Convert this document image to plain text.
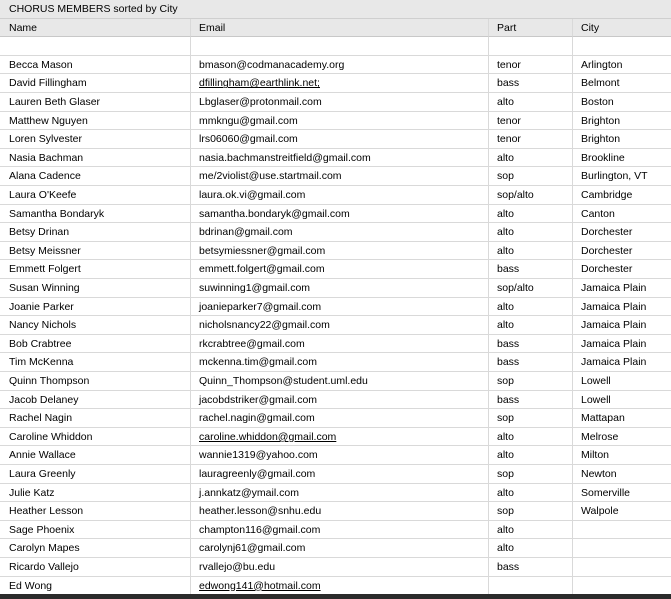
CHORUS MEMBERS sorted by City
Name	Email	Part	City
Becca Mason	bmason@codmanacademy.org	tenor	Arlington
David Fillingham	dfillingham@earthlink.net;	bass	Belmont
Lauren Beth Glaser	Lbglaser@protonmail.com	alto	Boston
Matthew Nguyen	mmkngu@gmail.com	tenor	Brighton
Loren Sylvester	lrs06060@gmail.com	tenor	Brighton
Nasia Bachman	nasia.bachmanstreitfield@gmail.com	alto	Brookline
Alana Cadence	me/2violist@use.startmail.com	sop	Burlington, VT
Laura O'Keefe	laura.ok.vi@gmail.com	sop/alto	Cambridge
Samantha Bondaryk	samantha.bondaryk@gmail.com	alto	Canton
Betsy Drinan	bdrinan@gmail.com	alto	Dorchester
Betsy Meissner	betsymiessner@gmail.com	alto	Dorchester
Emmett Folgert	emmett.folgert@gmail.com	bass	Dorchester
Susan Winning	suwinning1@gmail.com	sop/alto	Jamaica Plain
Joanie Parker	joanieparker7@gmail.com	alto	Jamaica Plain
Nancy Nichols	nicholsnancy22@gmail.com	alto	Jamaica Plain
Bob Crabtree	rkcrabtree@gmail.com	bass	Jamaica Plain
Tim McKenna	mckenna.tim@gmail.com	bass	Jamaica Plain
Quinn Thompson	Quinn_Thompson@student.uml.edu	sop	Lowell
Jacob Delaney	jacobdstriker@gmail.com	bass	Lowell
Rachel Nagin	rachel.nagin@gmail.com	sop	Mattapan
Caroline Whiddon	caroline.whiddon@gmail.com	alto	Melrose
Annie Wallace	wannie1319@yahoo.com	alto	Milton
Laura Greenly	lauragreenly@gmail.com	sop	Newton
Julie Katz	j.annkatz@ymail.com	alto	Somerville
Heather Lesson	heather.lesson@snhu.edu	sop	Walpole
Sage Phoenix	champton116@gmail.com	alto
Carolyn Mapes	carolynj61@gmail.com	alto
Ricardo Vallejo	rvallejo@bu.edu	bass
Ed Wong	edwong141@hotmail.com
